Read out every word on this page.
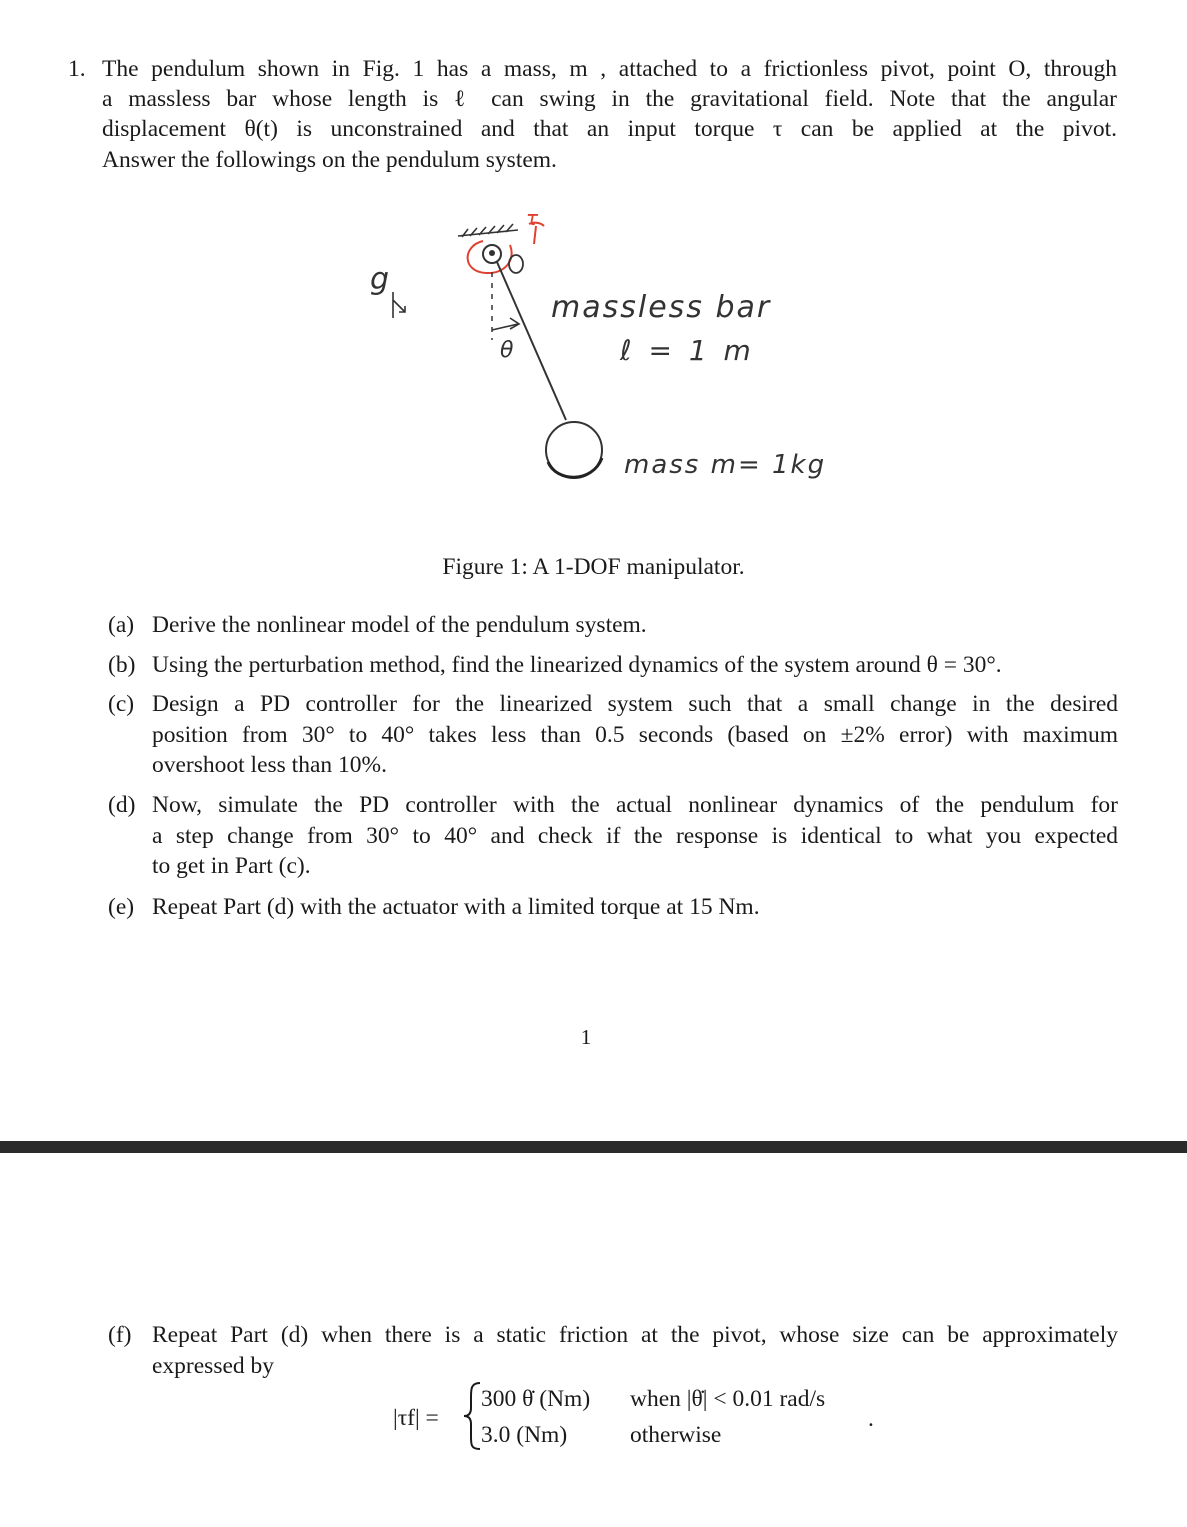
1. The pendulum shown in Fig. 1 has a mass, m , attached to a frictionless pivot, point O, through
a massless bar whose length is ℓ can swing in the gravitational field. Note that the angular
displacement θ(t) is unconstrained and that an input torque τ can be applied at the pivot.
Answer the followings on the pendulum system.
g
τ
O
θ
massless bar
ℓ = 1 m
mass m= 1kg
Figure 1: A 1-DOF manipulator.
(a) Derive the nonlinear model of the pendulum system.
(b) Using the perturbation method, find the linearized dynamics of the system around θ = 30°.
(c) Design a PD controller for the linearized system such that a small change in the desired
position from 30° to 40° takes less than 0.5 seconds (based on ±2% error) with maximum
overshoot less than 10%.
(d) Now, simulate the PD controller with the actual nonlinear dynamics of the pendulum for
a step change from 30° to 40° and check if the response is identical to what you expected
to get in Part (c).
(e) Repeat Part (d) with the actuator with a limited torque at 15 Nm.
1
(f) Repeat Part (d) when there is a static friction at the pivot, whose size can be approximately
expressed by
|τf| =
300 θ̇ (Nm) when |θ̇| < 0.01 rad/s
3.0 (Nm)	otherwise
.
